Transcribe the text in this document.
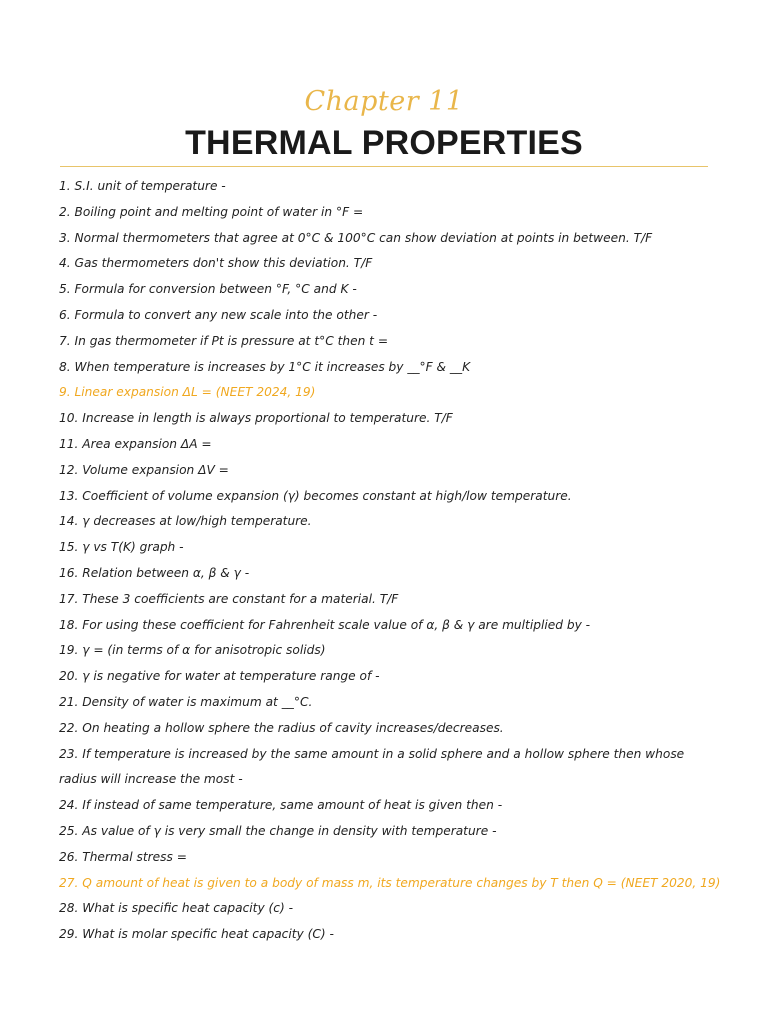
Chapter 11
THERMAL PROPERTIES
1. S.I. unit of temperature -
2. Boiling point and melting point of water in °F =
3. Normal thermometers that agree at 0°C & 100°C can show deviation at points in between. T/F
4. Gas thermometers don't show this deviation. T/F
5. Formula for conversion between °F, °C and K -
6. Formula to convert any new scale into the other -
7. In gas thermometer if Pt is pressure at t°C then t =
8. When temperature is increases by 1°C it increases by __°F & __K
9. Linear expansion ΔL = (NEET 2024, 19)
10. Increase in length is always proportional to temperature. T/F
11. Area expansion ΔA =
12. Volume expansion ΔV =
13. Coefficient of volume expansion (γ) becomes constant at high/low temperature.
14. γ decreases at low/high temperature.
15. γ vs T(K) graph -
16. Relation between α, β & γ -
17. These 3 coefficients are constant for a material. T/F
18. For using these coefficient for Fahrenheit scale value of α, β & γ are multiplied by -
19. γ = (in terms of α for anisotropic solids)
20. γ is negative for water at temperature range of -
21. Density of water is maximum at __°C.
22. On heating a hollow sphere the radius of cavity increases/decreases.
23. If temperature is increased by the same amount in a solid sphere and a hollow sphere then whose radius will increase the most -
24. If instead of same temperature, same amount of heat is given then -
25. As value of γ is very small the change in density with temperature -
26. Thermal stress =
27. Q amount of heat is given to a body of mass m, its temperature changes by T then Q = (NEET 2020, 19)
28. What is specific heat capacity (c) -
29. What is molar specific heat capacity (C) -
